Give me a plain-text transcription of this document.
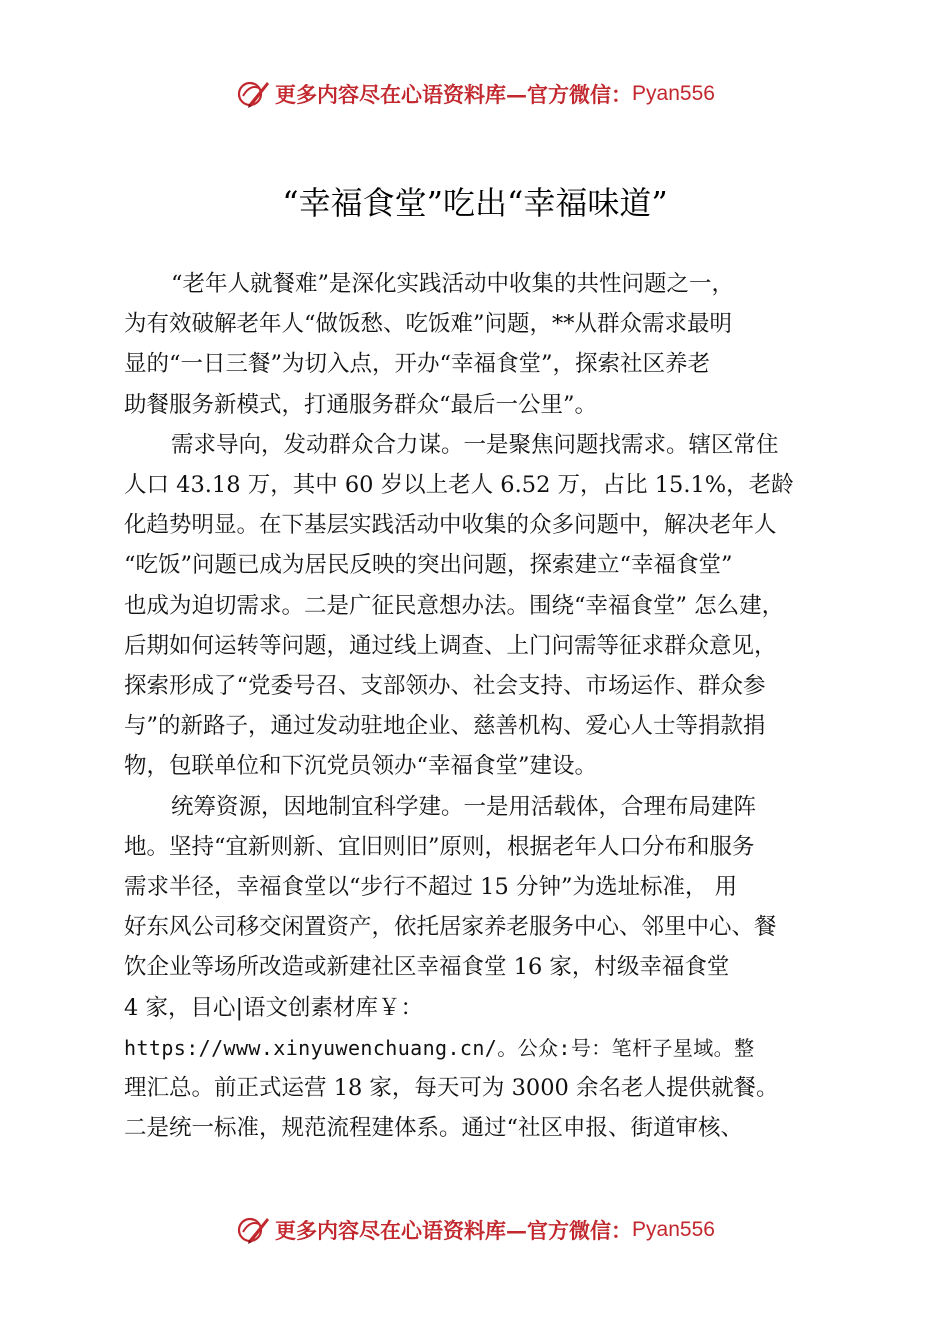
更多内容尽在心语资料库—官方微信： Pyan556
“幸福食堂”吃出“幸福味道”
“老年人就餐难”是深化实践活动中收集的共性问题之一，
为有效破解老年人“做饭愁、吃饭难”问题，**从群众需求最明
显的“一日三餐”为切入点，开办“幸福食堂”，探索社区养老
助餐服务新模式，打通服务群众“最后一公里”。
需求导向，发动群众合力谋。一是聚焦问题找需求。辖区常住
人口 43.18 万，其中 60 岁以上老人 6.52 万，占比 15.1%，老龄
化趋势明显。在下基层实践活动中收集的众多问题中，解决老年人
“吃饭”问题已成为居民反映的突出问题，探索建立“幸福食堂”
也成为迫切需求。二是广征民意想办法。围绕“幸福食堂” 怎么建，
后期如何运转等问题，通过线上调查、上门问需等征求群众意见，
探索形成了“党委号召、支部领办、社会支持、市场运作、群众参
与”的新路子，通过发动驻地企业、慈善机构、爱心人士等捐款捐
物，包联单位和下沉党员领办“幸福食堂”建设。
统筹资源，因地制宜科学建。一是用活载体，合理布局建阵
地。坚持“宜新则新、宜旧则旧”原则，根据老年人口分布和服务
需求半径，幸福食堂以“步行不超过 15 分钟”为选址标准， 用
好东风公司移交闲置资产，依托居家养老服务中心、邻里中心、餐
饮企业等场所改造或新建社区幸福食堂 16 家，村级幸福食堂
4 家，目心|语文创素材库￥：
https://www.xinyuwenchuang.cn/。公众:号：笔杆子星域。整
理汇总。前正式运营 18 家，每天可为 3000 余名老人提供就餐。
二是统一标准，规范流程建体系。通过“社区申报、街道审核、
更多内容尽在心语资料库—官方微信： Pyan556
